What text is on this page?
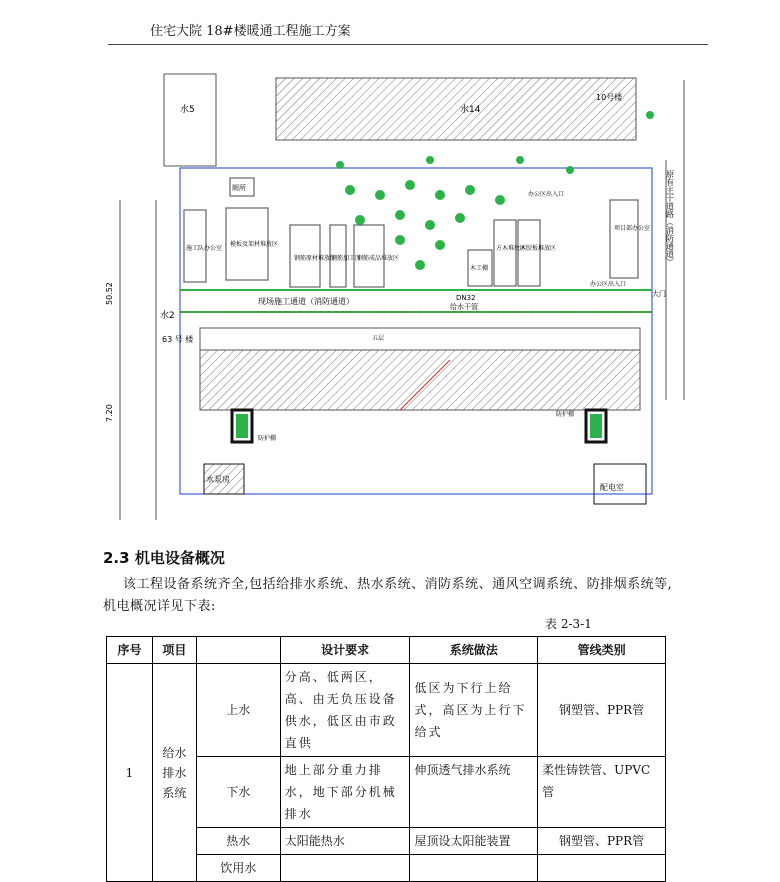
住宅大院 18#楼暖通工程施工方案
水5	水14
10号楼
水2
63 号 楼
50.52
7.20
原有主干道路（消防通道）
现场施工通道（消防通道）	DN32
给水干管
施工队办公室
厕所
模板及架材堆放区
钢筋原材堆放区
钢筋加工区
钢筋成品堆放区
木工棚
方木堆放区
木胶板堆放区
项目部办公室
办公区出入口
办公区出入口
大门
五层
防护棚
防护棚
水泵房
配电室
2.3 机电设备概况
该工程设备系统齐全,包括给排水系统、热水系统、消防系统、通风空调系统、防排烟系统等,
机电概况详见下表:
表 2-3-1
序号	项目		设计要求	系统做法	管线类别
1	给水排水系统	上水	分高、低两区，高、由无负压设备供水，低区由市政直供	低区为下行上给式，高区为上行下给式	钢塑管、PPR管
		下水	地上部分重力排水，地下部分机械排水	伸顶透气排水系统	柔性铸铁管、UPVC管
		热水	太阳能热水	屋顶设太阳能装置	钢塑管、PPR管
		饮用水			
